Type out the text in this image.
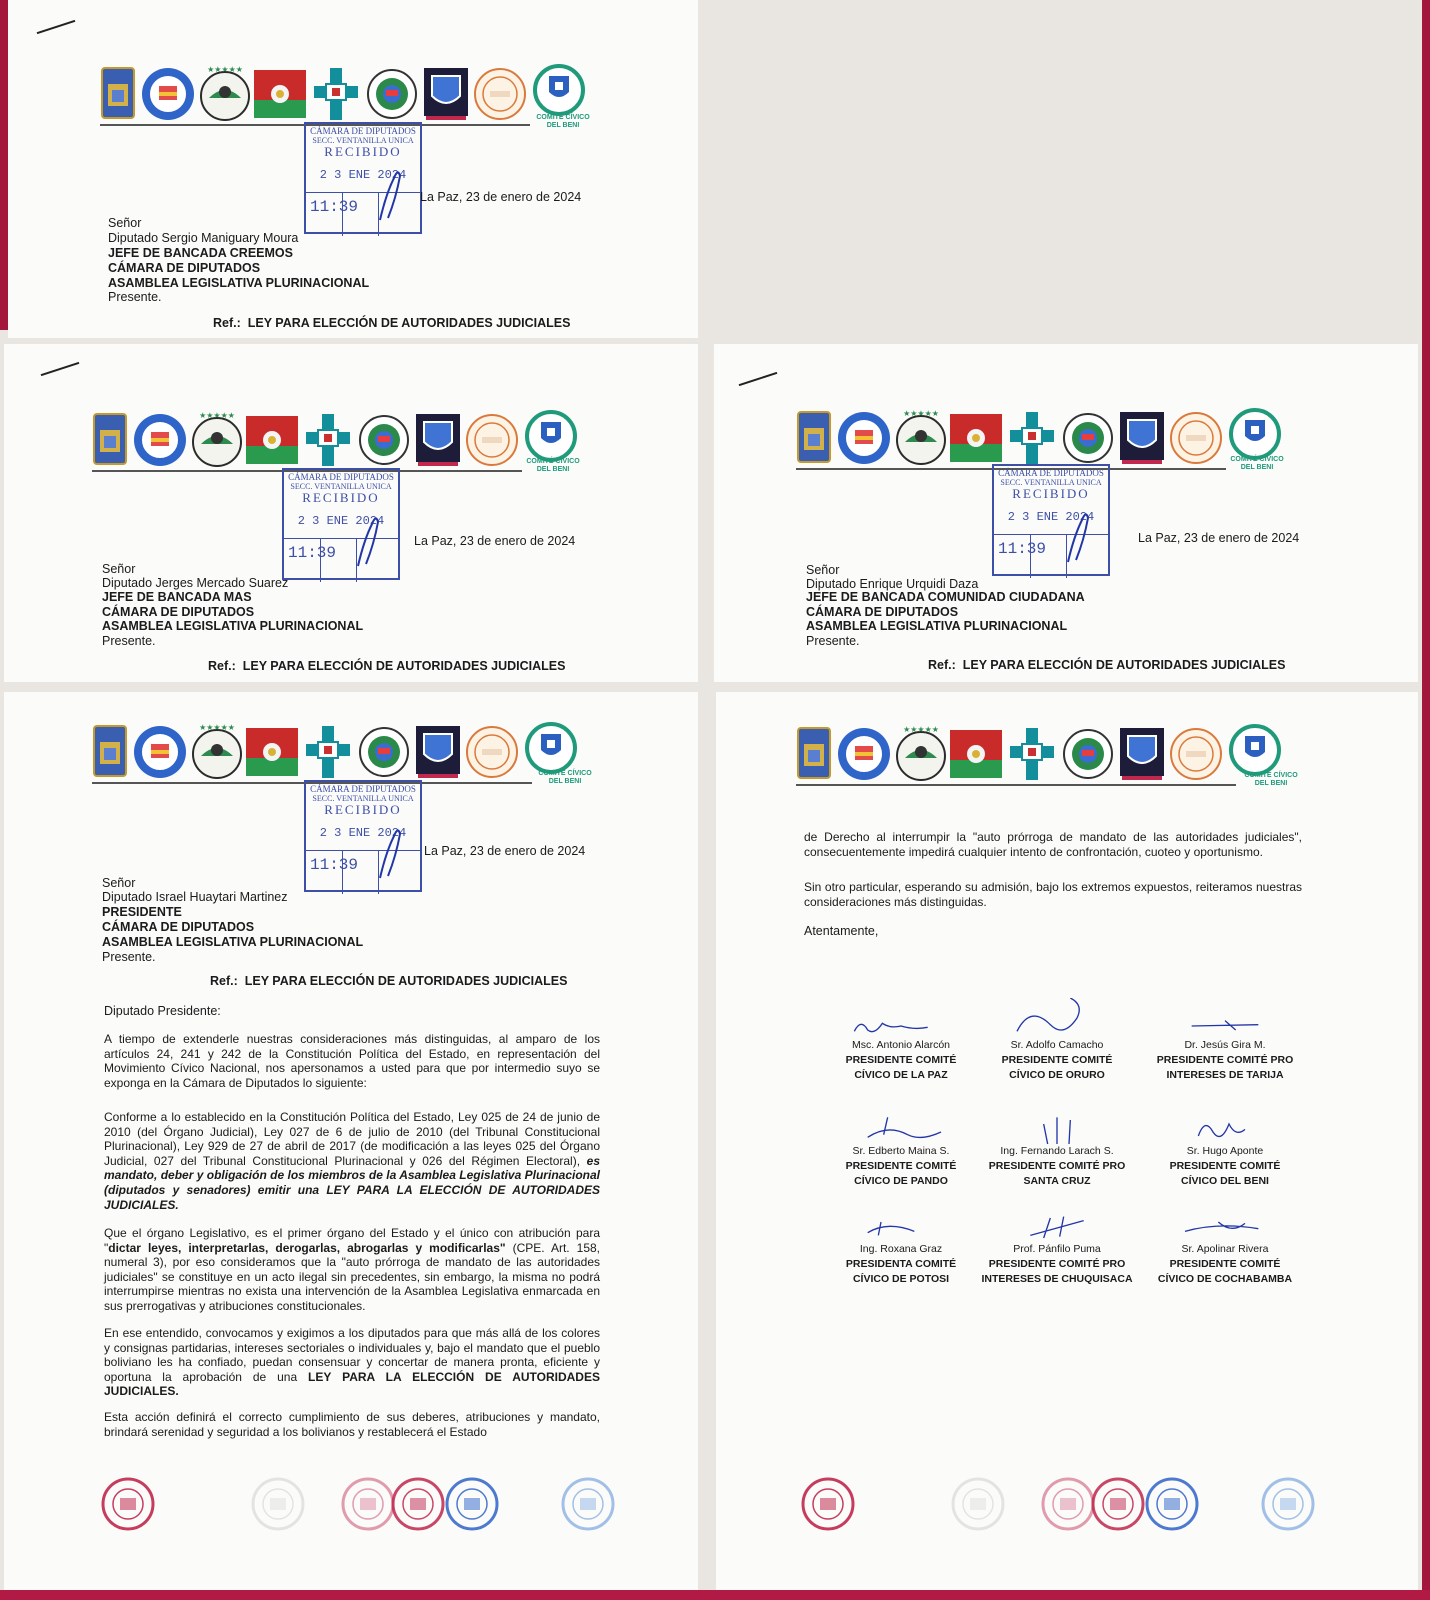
★★★★★
COMITÉ CÍVICO
DEL BENI
CÁMARA DE DIPUTADOS
SECC. VENTANILLA UNICA
RECIBIDO
2 3 ENE 2024
11:39
La Paz, 23 de enero de 2024
Señor
Diputado Sergio Maniguary Moura
JEFE DE BANCADA CREEMOS
CÁMARA DE DIPUTADOS
ASAMBLEA LEGISLATIVA PLURINACIONAL
Presente.
Ref.: LEY PARA ELECCIÓN DE AUTORIDADES JUDICIALES
★★★★★
COMITÉ CÍVICO
DEL BENI
CÁMARA DE DIPUTADOS
SECC. VENTANILLA UNICA
RECIBIDO
2 3 ENE 2024
11:39
La Paz, 23 de enero de 2024
Señor
Diputado Jerges Mercado Suarez
JEFE DE BANCADA MAS
CÁMARA DE DIPUTADOS
ASAMBLEA LEGISLATIVA PLURINACIONAL
Presente.
Ref.: LEY PARA ELECCIÓN DE AUTORIDADES JUDICIALES
★★★★★
COMITÉ CÍVICO
DEL BENI
CÁMARA DE DIPUTADOS
SECC. VENTANILLA UNICA
RECIBIDO
2 3 ENE 2024
11:39
La Paz, 23 de enero de 2024
Señor
Diputado Enrique Urquidi Daza
JEFE DE BANCADA COMUNIDAD CIUDADANA
CÁMARA DE DIPUTADOS
ASAMBLEA LEGISLATIVA PLURINACIONAL
Presente.
Ref.: LEY PARA ELECCIÓN DE AUTORIDADES JUDICIALES
★★★★★
COMITÉ CÍVICO
DEL BENI
CÁMARA DE DIPUTADOS
SECC. VENTANILLA UNICA
RECIBIDO
2 3 ENE 2024
11:39
La Paz, 23 de enero de 2024
Señor
Diputado Israel Huaytari Martinez
PRESIDENTE
CÁMARA DE DIPUTADOS
ASAMBLEA LEGISLATIVA PLURINACIONAL
Presente.
Ref.: LEY PARA ELECCIÓN DE AUTORIDADES JUDICIALES
Diputado Presidente:
A tiempo de extenderle nuestras consideraciones más distinguidas, al amparo de los artículos 24, 241 y 242 de la Constitución Política del Estado, en representación del Movimiento Cívico Nacional, nos apersonamos a usted para que por intermedio suyo se exponga en la Cámara de Diputados lo siguiente:
Conforme a lo establecido en la Constitución Política del Estado, Ley 025 de 24 de junio de 2010 (del Órgano Judicial), Ley 027 de 6 de julio de 2010 (del Tribunal Constitucional Plurinacional), Ley 929 de 27 de abril de 2017 (de modificación a las leyes 025 del Órgano Judicial, 027 del Tribunal Constitucional Plurinacional y 026 del Régimen Electoral), es mandato, deber y obligación de los miembros de la Asamblea Legislativa Plurinacional (diputados y senadores) emitir una LEY PARA LA ELECCIÓN DE AUTORIDADES JUDICIALES.
Que el órgano Legislativo, es el primer órgano del Estado y el único con atribución para "dictar leyes, interpretarlas, derogarlas, abrogarlas y modificarlas" (CPE. Art. 158, numeral 3), por eso consideramos que la "auto prórroga de mandato de las autoridades judiciales" se constituye en un acto ilegal sin precedentes, sin embargo, la misma no podrá interrumpirse mientras no exista una intervención de la Asamblea Legislativa enmarcada en sus prerrogativas y atribuciones constitucionales.
En ese entendido, convocamos y exigimos a los diputados para que más allá de los colores y consignas partidarias, intereses sectoriales o individuales y, bajo el mandato que el pueblo boliviano les ha confiado, puedan consensuar y concertar de manera pronta, eficiente y oportuna la aprobación de una LEY PARA LA ELECCIÓN DE AUTORIDADES JUDICIALES.
Esta acción definirá el correcto cumplimiento de sus deberes, atribuciones y mandato, brindará serenidad y seguridad a los bolivianos y restablecerá el Estado
★★★★★
COMITÉ CÍVICO
DEL BENI
de Derecho al interrumpir la "auto prórroga de mandato de las autoridades judiciales", consecuentemente impedirá cualquier intento de confrontación, cuoteo y oportunismo.
Sin otro particular, esperando su admisión, bajo los extremos expuestos, reiteramos nuestras consideraciones más distinguidas.
Atentamente,
Msc. Antonio Alarcón
PRESIDENTE COMITÉ
CÍVICO DE LA PAZ
Sr. Adolfo Camacho
PRESIDENTE COMITÉ
CÍVICO DE ORURO
Dr. Jesús Gira M.
PRESIDENTE COMITÉ PRO
INTERESES DE TARIJA
Sr. Edberto Maina S.
PRESIDENTE COMITÉ
CÍVICO DE PANDO
Ing. Fernando Larach S.
PRESIDENTE COMITÉ PRO
SANTA CRUZ
Sr. Hugo Aponte
PRESIDENTE COMITÉ
CÍVICO DEL BENI
Ing. Roxana Graz
PRESIDENTA COMITÉ
CÍVICO DE POTOSI
Prof. Pánfilo Puma
PRESIDENTE COMITÉ PRO
INTERESES DE CHUQUISACA
Sr. Apolinar Rivera
PRESIDENTE COMITÉ
CÍVICO DE COCHABAMBA
